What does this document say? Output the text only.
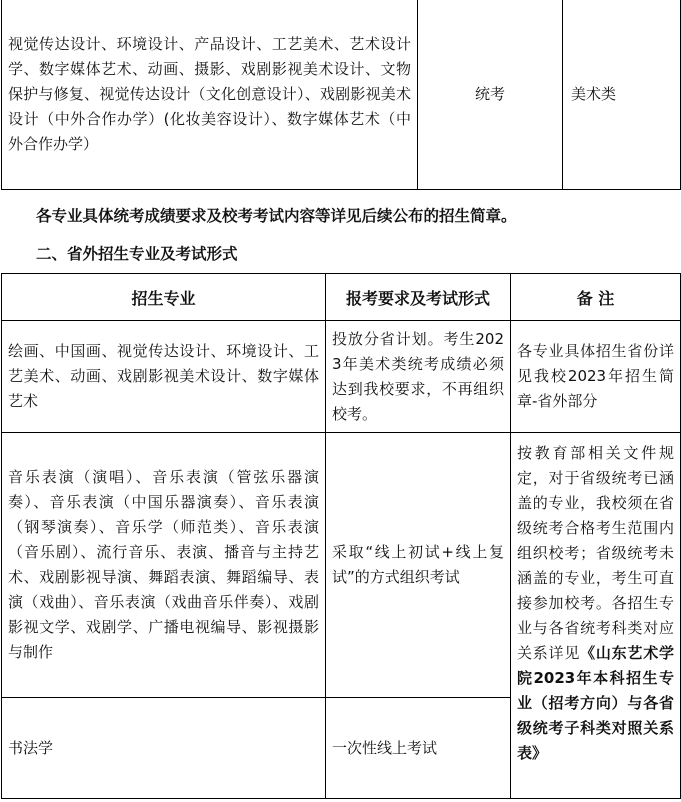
视觉传达设计、环境设计、产品设计、工艺美术、艺术设计学、数字媒体艺术、动画、摄影、戏剧影视美术设计、文物保护与修复、视觉传达设计（文化创意设计）、戏剧影视美术设计（中外合作办学）(化妆美容设计）、数字媒体艺术（中外合作办学）	统考	美术类
各专业具体统考成绩要求及校考考试内容等详见后续公布的招生简章。
二、省外招生专业及考试形式
招生专业	报考要求及考试形式	备 注
绘画、中国画、视觉传达设计、环境设计、工艺美术、动画、戏剧影视美术设计、数字媒体艺术	投放分省计划。考生2023年美术类统考成绩必须达到我校要求，不再组织校考。	各专业具体招生省份详见我校2023年招生简章-省外部分
音乐表演（演唱）、音乐表演（管弦乐器演奏）、音乐表演（中国乐器演奏）、音乐表演（钢琴演奏）、音乐学（师范类）、音乐表演（音乐剧）、流行音乐、表演、播音与主持艺术、戏剧影视导演、舞蹈表演、舞蹈编导、表演（戏曲）、音乐表演（戏曲音乐伴奏）、戏剧影视文学、戏剧学、广播电视编导、影视摄影与制作	采取“线上初试+线上复试”的方式组织考试	按教育部相关文件规定，对于省级统考已涵盖的专业，我校须在省级统考合格考生范围内组织校考；省级统考未涵盖的专业，考生可直接参加校考。各招生专业与各省统考科类对应关系详见《山东艺术学院2023年本科招生专业（招考方向）与各省级统考子科类对照关系表》
书法学	一次性线上考试	
